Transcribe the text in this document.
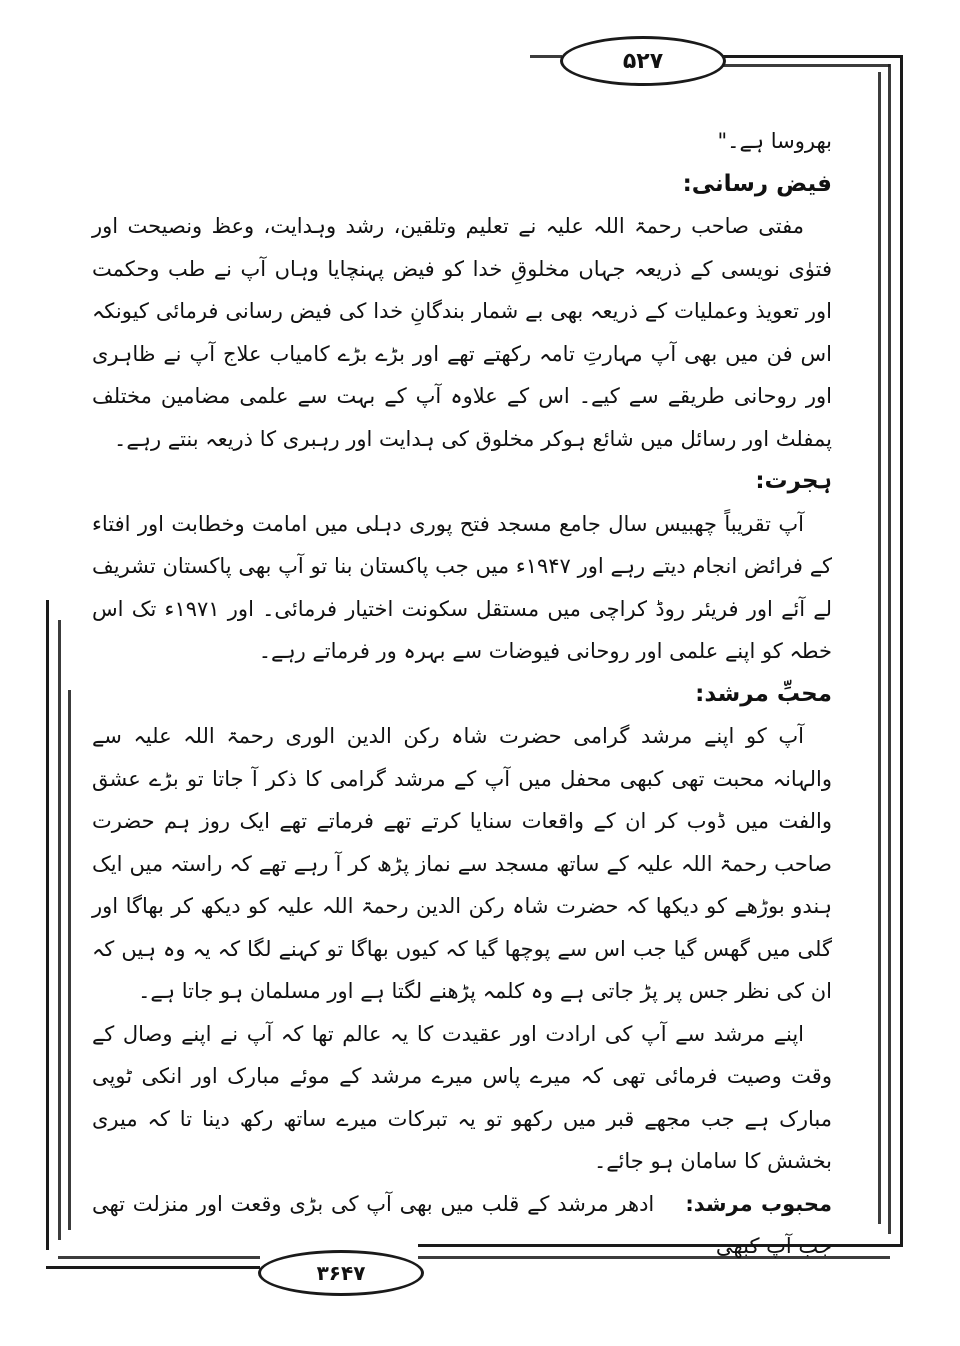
۵۲۷
۳۶۴۷

بھروسا ہے۔"

فیض رسانی:

مفتی صاحب رحمۃ اللہ علیہ نے تعلیم وتلقین، رشد وہدایت، وعظ ونصیحت اور فتوٰی نویسی کے ذریعہ جہاں مخلوقِ خدا کو فیض پہنچایا وہاں آپ نے طب وحکمت اور تعویذ وعملیات کے ذریعہ بھی بے شمار بندگانِ خدا کی فیض رسانی فرمائی کیونکہ اس فن میں بھی آپ مہارتِ تامہ رکھتے تھے اور بڑے بڑے کامیاب علاج آپ نے ظاہری اور روحانی طریقے سے کیے۔ اس کے علاوہ آپ کے بہت سے علمی مضامین مختلف پمفلٹ اور رسائل میں شائع ہوکر مخلوق کی ہدایت اور رہبری کا ذریعہ بنتے رہے۔

ہجرت:

آپ تقریباً چھبیس سال جامع مسجد فتح پوری دہلی میں امامت وخطابت اور افتاء کے فرائض انجام دیتے رہے اور ۱۹۴۷ء میں جب پاکستان بنا تو آپ بھی پاکستان تشریف لے آئے اور فریئر روڈ کراچی میں مستقل سکونت اختیار فرمائی۔ اور ۱۹۷۱ء تک اس خطہ کو اپنے علمی اور روحانی فیوضات سے بہرہ ور فرماتے رہے۔

محبِّ مرشد:

آپ کو اپنے مرشد گرامی حضرت شاہ رکن الدین الوری رحمۃ اللہ علیہ سے والہانہ محبت تھی کبھی محفل میں آپ کے مرشد گرامی کا ذکر آ جاتا تو بڑے عشق والفت میں ڈوب کر ان کے واقعات سنایا کرتے تھے فرماتے تھے ایک روز ہم حضرت صاحب رحمۃ اللہ علیہ کے ساتھ مسجد سے نماز پڑھ کر آ رہے تھے کہ راستہ میں ایک ہندو بوڑھے کو دیکھا کہ حضرت شاہ رکن الدین رحمۃ اللہ علیہ کو دیکھ کر بھاگا اور گلی میں گھس گیا جب اس سے پوچھا گیا کہ کیوں بھاگا تو کہنے لگا کہ یہ وہ ہیں کہ ان کی نظر جس پر پڑ جاتی ہے وہ کلمہ پڑھنے لگتا ہے اور مسلمان ہو جاتا ہے۔

اپنے مرشد سے آپ کی ارادت اور عقیدت کا یہ عالم تھا کہ آپ نے اپنے وصال کے وقت وصیت فرمائی تھی کہ میرے پاس میرے مرشد کے موئے مبارک اور انکی ٹوپی مبارک ہے جب مجھے قبر میں رکھو تو یہ تبرکات میرے ساتھ رکھ دینا تا کہ میری بخشش کا سامان ہو جائے۔

محبوب مرشد:    ادھر مرشد کے قلب میں بھی آپ کی بڑی وقعت اور منزلت تھی جب آپ کبھی
